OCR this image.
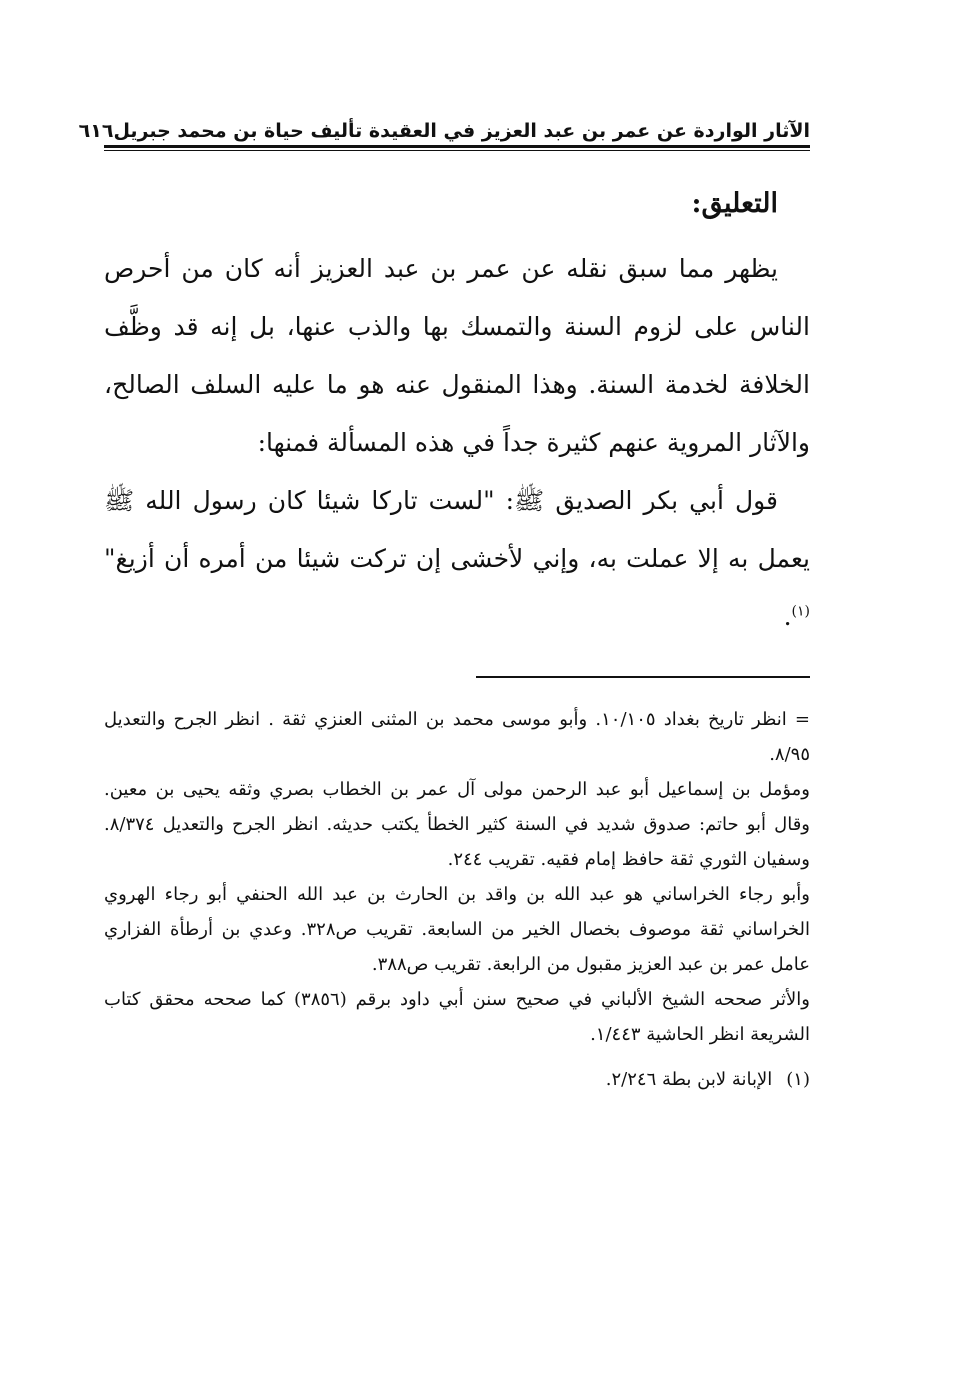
الآثار الواردة عن عمر بن عبد العزيز في العقيدة تأليف حياة بن محمد جبريل
٦١٦
التعليق:

يظهر مما سبق نقله عن عمر بن عبد العزيز أنه كان من أحرص الناس على لزوم السنة والتمسك بها والذب عنها، بل إنه قد وظَّف الخلافة لخدمة السنة. وهذا المنقول عنه هو ما عليه السلف الصالح، والآثار المروية عنهم كثيرة جداً في هذه المسألة فمنها:

قول أبي بكر الصديق ﷺ: "لست تاركا شيئا كان رسول الله ﷺ يعمل به إلا عملت به، وإني لأخشى إن تركت شيئا من أمره أن أزيغ"$^{(١)}$.

= انظر تاريخ بغداد ١٠/١٠٥. وأبو موسى محمد بن المثنى العنزي ثقة . انظر الجرح والتعديل ٨/٩٥.

ومؤمل بن إسماعيل أبو عبد الرحمن مولى آل عمر بن الخطاب بصري وثقه يحيى بن معين. وقال أبو حاتم: صدوق شديد في السنة كثير الخطأ يكتب حديثه. انظر الجرح والتعديل ٨/٣٧٤. وسفيان الثوري ثقة حافظ إمام فقيه. تقريب ٢٤٤.

وأبو رجاء الخراساني هو عبد الله بن واقد بن الحارث بن عبد الله الحنفي أبو رجاء الهروي الخراساني ثقة موصوف بخصال الخير من السابعة. تقريب ص٣٢٨. وعدي بن أرطأة الفزاري عامل عمر بن عبد العزيز مقبول من الرابعة. تقريب ص٣٨٨.

والأثر صححه الشيخ الألباني في صحيح سنن أبي داود برقم (٣٨٥٦) كما صححه محقق كتاب الشريعة انظر الحاشية ١/٤٤٣.

(١)
الإبانة لابن بطة ٢/٢٤٦.
